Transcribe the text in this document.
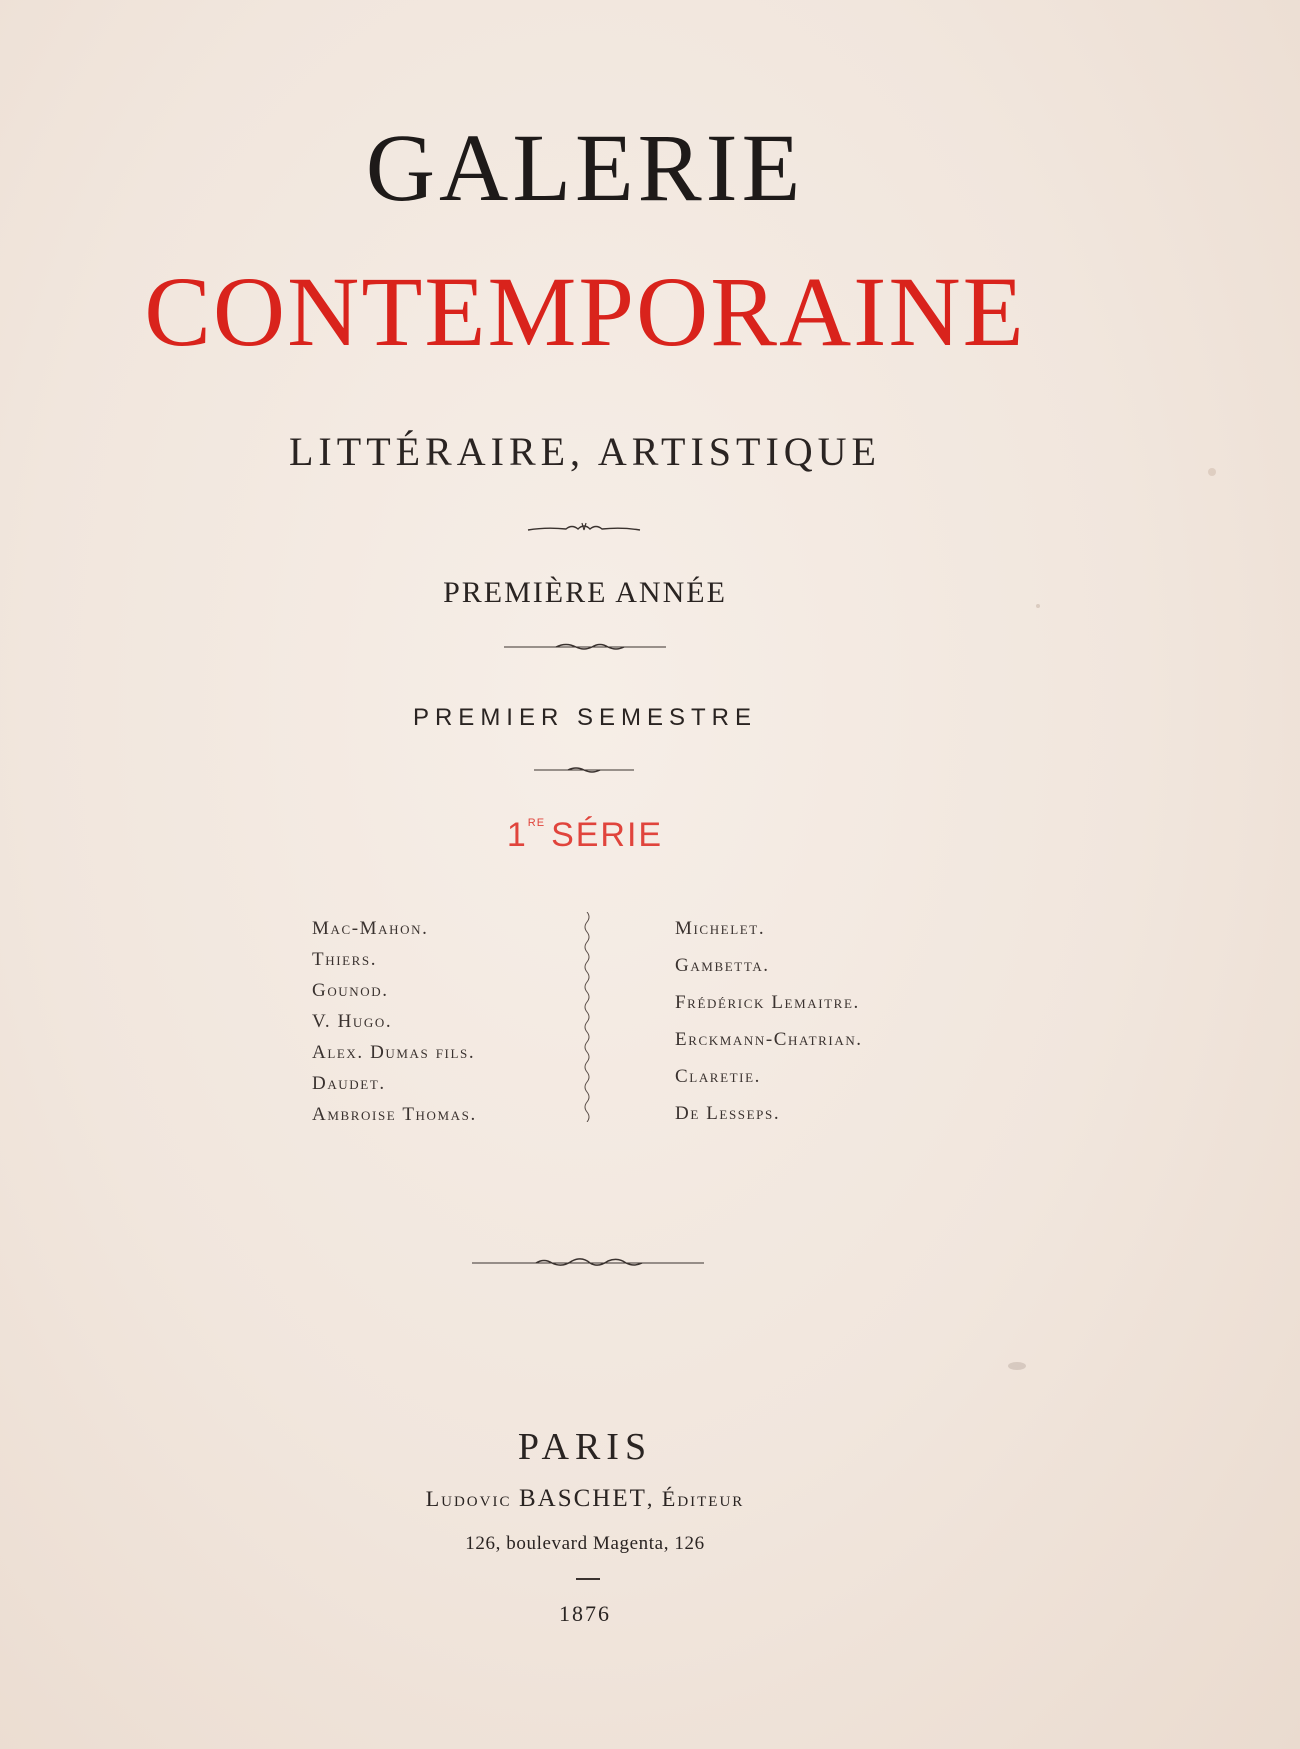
GALERIE
CONTEMPORAINE
LITTÉRAIRE, ARTISTIQUE
PREMIÈRE ANNÉE
PREMIER SEMESTRE
1RE SÉRIE
Mac-Mahon.
Thiers.
Gounod.
V. Hugo.
Alex. Dumas fils.
Daudet.
Ambroise Thomas.
Michelet.
Gambetta.
Frédérick Lemaitre.
Erckmann-Chatrian.
Claretie.
De Lesseps.
PARIS
Ludovic BASCHET, Éditeur
126, boulevard Magenta, 126
1876
